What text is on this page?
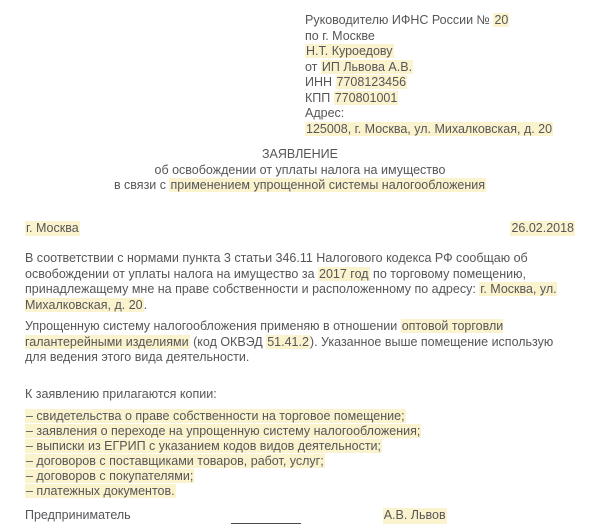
Руководителю ИФНС России № 20
по г. Москве
Н.Т. Куроедову
от ИП Львова А.В.
ИНН 7708123456
КПП 770801001
Адрес:
125008, г. Москва, ул. Михалковская, д. 20
ЗАЯВЛЕНИЕ
об освобождении от уплаты налога на имущество
в связи с применением упрощенной системы налогообложения
г. Москва	26.02.2018

В соответствии с нормами пункта 3 статьи 346.11 Налогового кодекса РФ сообщаю об освобождении от уплаты налога на имущество за 2017 год по торговому помещению, принадлежащему мне на праве собственности и расположенному по адресу: г. Москва, ул. Михалковская, д. 20.

Упрощенную систему налогообложения применяю в отношении оптовой торговли галантерейными изделиями (код ОКВЭД 51.41.2). Указанное выше помещение использую для ведения этого вида деятельности.

К заявлению прилагаются копии:
– свидетельства о праве собственности на торговое помещение;
– заявления о переходе на упрощенную систему налогообложения;
– выписки из ЕГРИП с указанием кодов видов деятельности;
– договоров с поставщиками товаров, работ, услуг;
– договоров с покупателями;
– платежных документов.
Предприниматель	А.В. Львов
